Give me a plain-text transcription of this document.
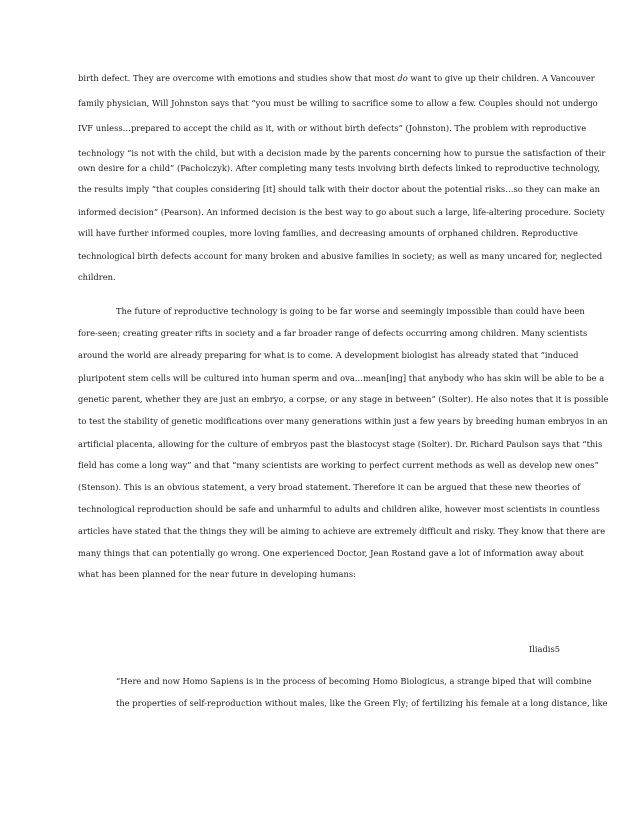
birth defect. They are overcome with emotions and studies show that most do want to give up their children. A Vancouver
family physician, Will Johnston says that “you must be willing to sacrifice some to allow a few. Couples should not undergo
IVF unless…prepared to accept the child as it, with or without birth defects” (Johnston). The problem with reproductive
technology “is not with the child, but with a decision made by the parents concerning how to pursue the satisfaction of their
own desire for a child” (Pacholczyk). After completing many tests involving birth defects linked to reproductive technology,
the results imply “that couples considering [it] should talk with their doctor about the potential risks…so they can make an
informed decision” (Pearson). An informed decision is the best way to go about such a large, life-altering procedure. Society
will have further informed couples, more loving families, and decreasing amounts of orphaned children. Reproductive
technological birth defects account for many broken and abusive families in society; as well as many uncared for, neglected
children.
The future of reproductive technology is going to be far worse and seemingly impossible than could have been
fore-seen; creating greater rifts in society and a far broader range of defects occurring among children. Many scientists
around the world are already preparing for what is to come. A development biologist has already stated that “induced
pluripotent stem cells will be cultured into human sperm and ova…mean[ing] that anybody who has skin will be able to be a
genetic parent, whether they are just an embryo, a corpse, or any stage in between” (Solter). He also notes that it is possible
to test the stability of genetic modifications over many generations within just a few years by breeding human embryos in an
artificial placenta, allowing for the culture of embryos past the blastocyst stage (Solter). Dr. Richard Paulson says that “this
field has come a long way” and that “many scientists are working to perfect current methods as well as develop new ones”
(Stenson). This is an obvious statement, a very broad statement. Therefore it can be argued that these new theories of
technological reproduction should be safe and unharmful to adults and children alike, however most scientists in countless
articles have stated that the things they will be aiming to achieve are extremely difficult and risky. They know that there are
many things that can potentially go wrong. One experienced Doctor, Jean Rostand gave a lot of information away about
what has been planned for the near future in developing humans:
Iliadis5
“Here and now Homo Sapiens is in the process of becoming Homo Biologicus, a strange biped that will combine
the properties of self-reproduction without males, like the Green Fly; of fertilizing his female at a long distance, like
